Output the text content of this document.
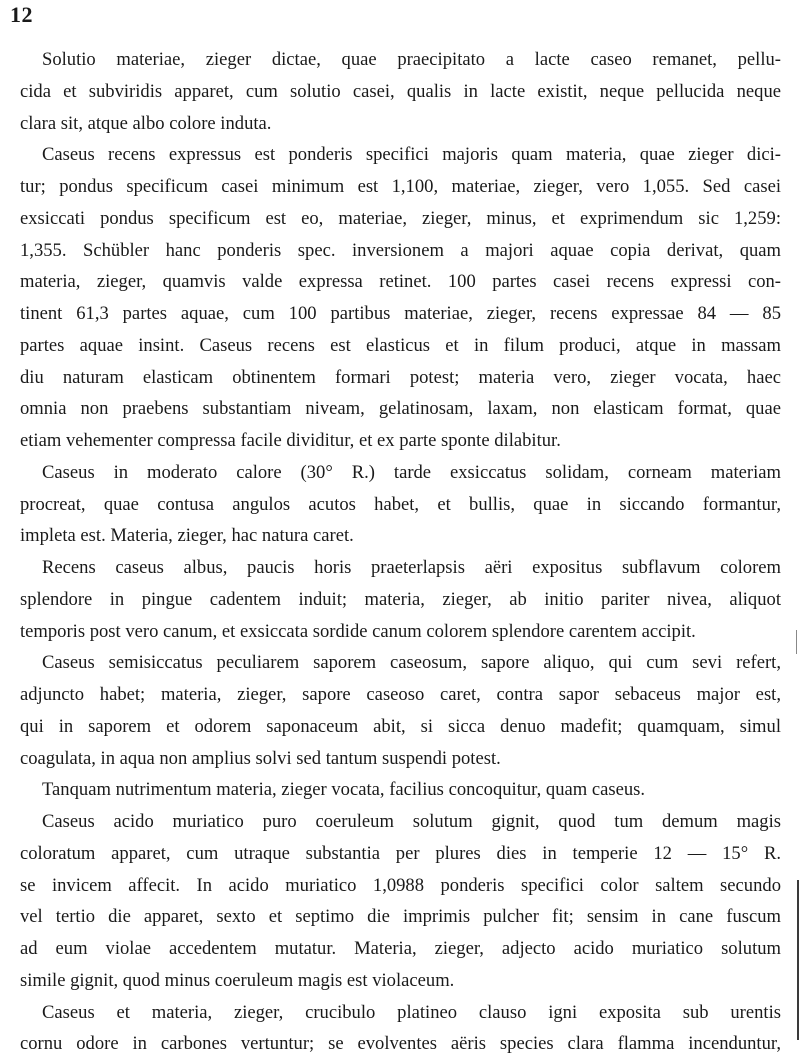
12
Solutio materiae, zieger dictae, quae praecipitato a lacte caseo remanet, pellu-
cida et subviridis apparet, cum solutio casei, qualis in lacte existit, neque pellucida neque
clara sit, atque albo colore induta.
Caseus recens expressus est ponderis specifici majoris quam materia, quae zieger dici-
tur; pondus specificum casei minimum est 1,100, materiae, zieger, vero 1,055. Sed casei
exsiccati pondus specificum est eo, materiae, zieger, minus, et exprimendum sic 1,259:
1,355. Schübler hanc ponderis spec. inversionem a majori aquae copia derivat, quam
materia, zieger, quamvis valde expressa retinet. 100 partes casei recens expressi con-
tinent 61,3 partes aquae, cum 100 partibus materiae, zieger, recens expressae 84 — 85
partes aquae insint. Caseus recens est elasticus et in filum produci, atque in massam
diu naturam elasticam obtinentem formari potest; materia vero, zieger vocata, haec
omnia non praebens substantiam niveam, gelatinosam, laxam, non elasticam format, quae
etiam vehementer compressa facile dividitur, et ex parte sponte dilabitur.
Caseus in moderato calore (30° R.) tarde exsiccatus solidam, corneam materiam
procreat, quae contusa angulos acutos habet, et bullis, quae in siccando formantur,
impleta est. Materia, zieger, hac natura caret.
Recens caseus albus, paucis horis praeterlapsis aëri expositus subflavum colorem
splendore in pingue cadentem induit; materia, zieger, ab initio pariter nivea, aliquot
temporis post vero canum, et exsiccata sordide canum colorem splendore carentem accipit.
Caseus semisiccatus peculiarem saporem caseosum, sapore aliquo, qui cum sevi refert,
adjuncto habet; materia, zieger, sapore caseoso caret, contra sapor sebaceus major est,
qui in saporem et odorem saponaceum abit, si sicca denuo madefit; quamquam, simul
coagulata, in aqua non amplius solvi sed tantum suspendi potest.
Tanquam nutrimentum materia, zieger vocata, facilius concoquitur, quam caseus.
Caseus acido muriatico puro coeruleum solutum gignit, quod tum demum magis
coloratum apparet, cum utraque substantia per plures dies in temperie 12 — 15° R.
se invicem affecit. In acido muriatico 1,0988 ponderis specifici color saltem secundo
vel tertio die apparet, sexto et septimo die imprimis pulcher fit; sensim in cane fuscum
ad eum violae accedentem mutatur. Materia, zieger, adjecto acido muriatico solutum
simile gignit, quod minus coeruleum magis est violaceum.
Caseus et materia, zieger, crucibulo platineo clauso igni exposita sub urentis
cornu odore in carbones vertuntur; se evolventes aëris species clara flamma incenduntur,
